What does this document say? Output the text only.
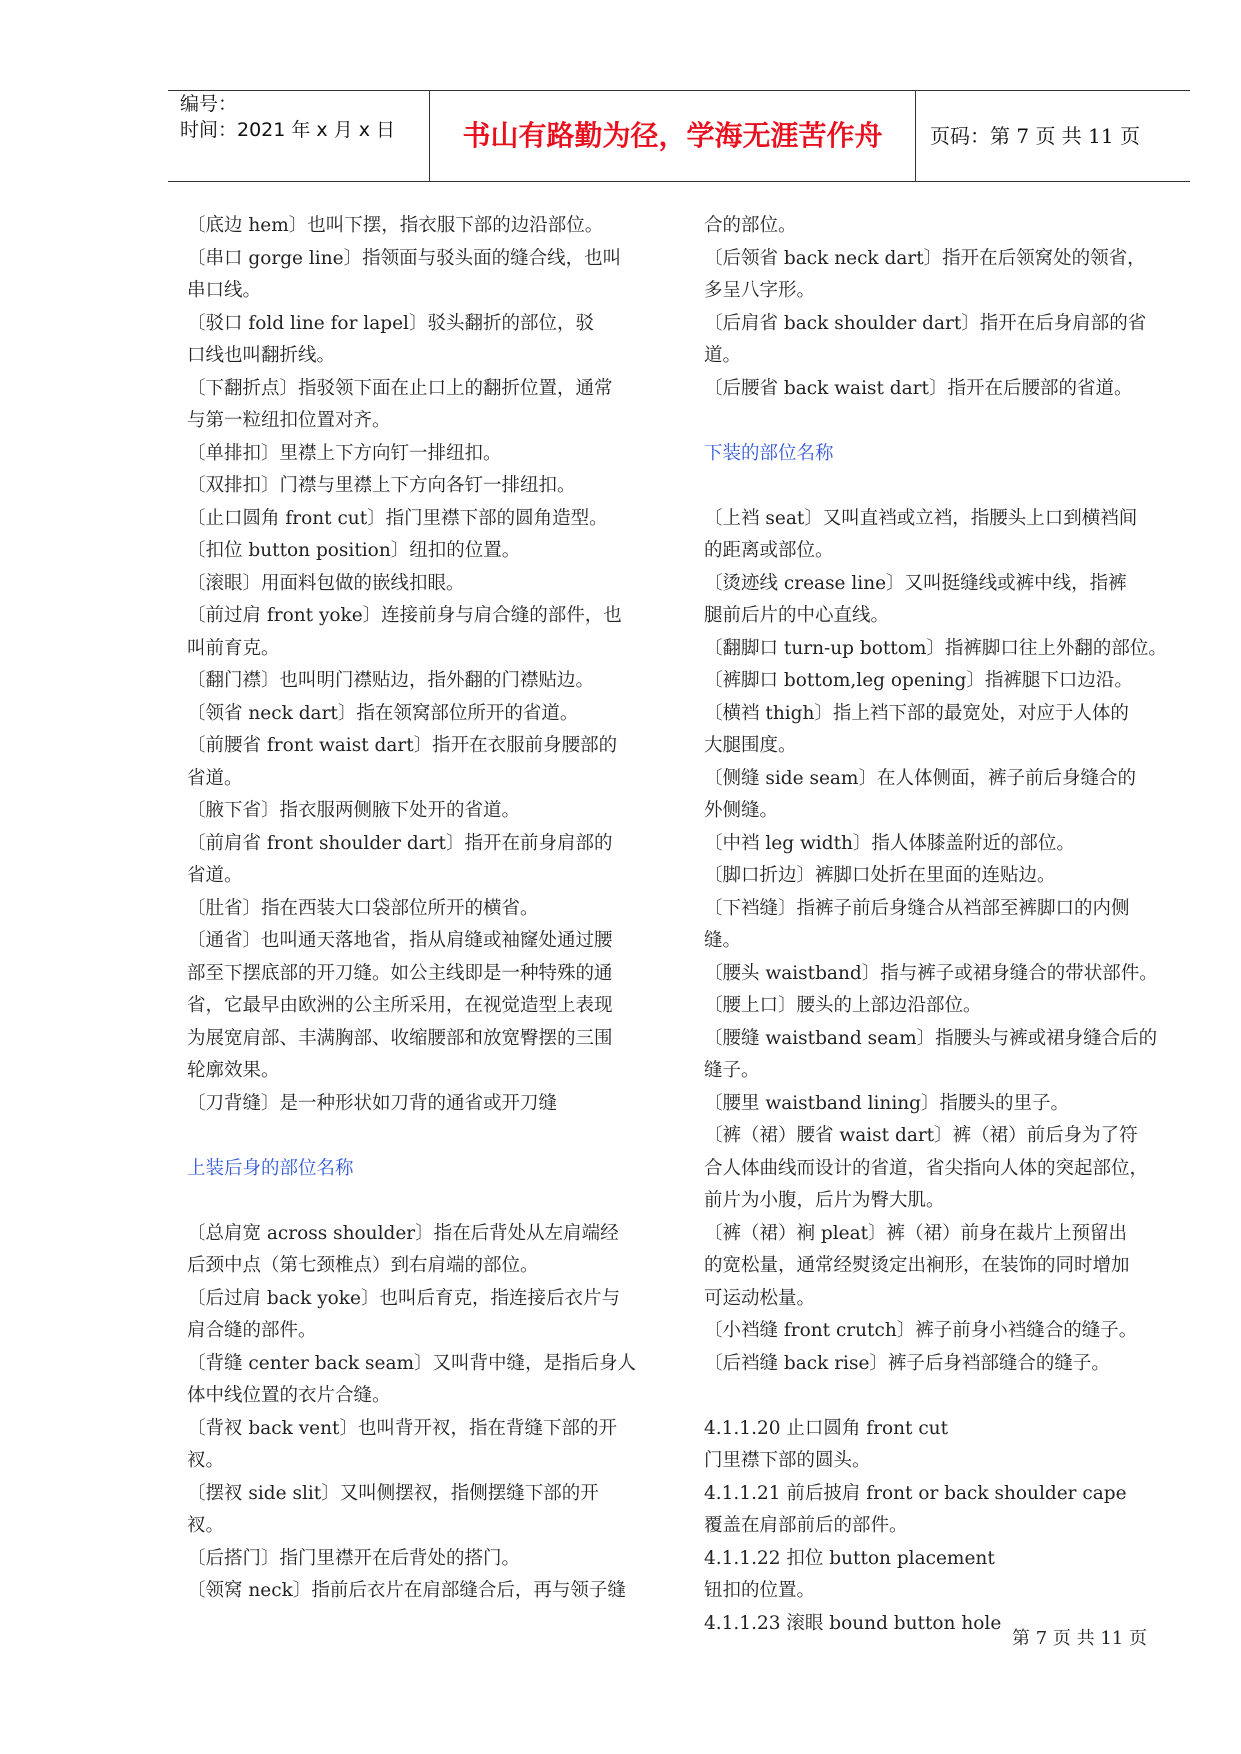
编号：
时间：2021 年 x 月 x 日	书山有路勤为径，学海无涯苦作舟	页码：第 7 页 共 11 页

〔底边 hem〕也叫下摆，指衣服下部的边沿部位。

〔串口 gorge line〕指领面与驳头面的缝合线，也叫

串口线。

〔驳口 fold line for lapel〕驳头翻折的部位，驳

口线也叫翻折线。

〔下翻折点〕指驳领下面在止口上的翻折位置，通常

与第一粒纽扣位置对齐。

〔单排扣〕里襟上下方向钉一排纽扣。

〔双排扣〕门襟与里襟上下方向各钉一排纽扣。

〔止口圆角 front cut〕指门里襟下部的圆角造型。

〔扣位 button position〕纽扣的位置。

〔滚眼〕用面料包做的嵌线扣眼。

〔前过肩 front yoke〕连接前身与肩合缝的部件，也

叫前育克。

〔翻门襟〕也叫明门襟贴边，指外翻的门襟贴边。

〔领省 neck dart〕指在领窝部位所开的省道。

〔前腰省 front waist dart〕指开在衣服前身腰部的

省道。

〔腋下省〕指衣服两侧腋下处开的省道。

〔前肩省 front shoulder dart〕指开在前身肩部的

省道。

〔肚省〕指在西装大口袋部位所开的横省。

〔通省〕也叫通天落地省，指从肩缝或袖窿处通过腰

部至下摆底部的开刀缝。如公主线即是一种特殊的通

省，它最早由欧洲的公主所采用，在视觉造型上表现

为展宽肩部、丰满胸部、收缩腰部和放宽臀摆的三围

轮廓效果。

〔刀背缝〕是一种形状如刀背的通省或开刀缝

上装后身的部位名称

〔总肩宽 across shoulder〕指在后背处从左肩端经

后颈中点（第七颈椎点）到右肩端的部位。

〔后过肩 back yoke〕也叫后育克，指连接后衣片与

肩合缝的部件。

〔背缝 center back seam〕又叫背中缝，是指后身人

体中线位置的衣片合缝。

〔背衩 back vent〕也叫背开衩，指在背缝下部的开

衩。

〔摆衩 side slit〕又叫侧摆衩，指侧摆缝下部的开

衩。

〔后搭门〕指门里襟开在后背处的搭门。

〔领窝 neck〕指前后衣片在肩部缝合后，再与领子缝

合的部位。

〔后领省 back neck dart〕指开在后领窝处的领省，

多呈八字形。

〔后肩省 back shoulder dart〕指开在后身肩部的省

道。

〔后腰省 back waist dart〕指开在后腰部的省道。

下装的部位名称

〔上裆 seat〕又叫直裆或立裆，指腰头上口到横裆间

的距离或部位。

〔烫迹线 crease line〕又叫挺缝线或裤中线，指裤

腿前后片的中心直线。

〔翻脚口 turn-up bottom〕指裤脚口往上外翻的部位。

〔裤脚口 bottom,leg opening〕指裤腿下口边沿。

〔横裆 thigh〕指上裆下部的最宽处，对应于人体的

大腿围度。

〔侧缝 side seam〕在人体侧面，裤子前后身缝合的

外侧缝。

〔中裆 leg width〕指人体膝盖附近的部位。

〔脚口折边〕裤脚口处折在里面的连贴边。

〔下裆缝〕指裤子前后身缝合从裆部至裤脚口的内侧

缝。

〔腰头 waistband〕指与裤子或裙身缝合的带状部件。

〔腰上口〕腰头的上部边沿部位。

〔腰缝 waistband seam〕指腰头与裤或裙身缝合后的

缝子。

〔腰里 waistband lining〕指腰头的里子。

〔裤（裙）腰省 waist dart〕裤（裙）前后身为了符

合人体曲线而设计的省道，省尖指向人体的突起部位，

前片为小腹，后片为臀大肌。

〔裤（裙）裥 pleat〕裤（裙）前身在裁片上预留出

的宽松量，通常经熨烫定出裥形，在装饰的同时增加

可运动松量。

〔小裆缝 front crutch〕裤子前身小裆缝合的缝子。

〔后裆缝 back rise〕裤子后身裆部缝合的缝子。

4.1.1.20 止口圆角 front cut

门里襟下部的圆头。

4.1.1.21 前后披肩 front or back shoulder cape

覆盖在肩部前后的部件。

4.1.1.22 扣位 button placement

钮扣的位置。

4.1.1.23 滚眼 bound button hole

第 7 页 共 11 页
